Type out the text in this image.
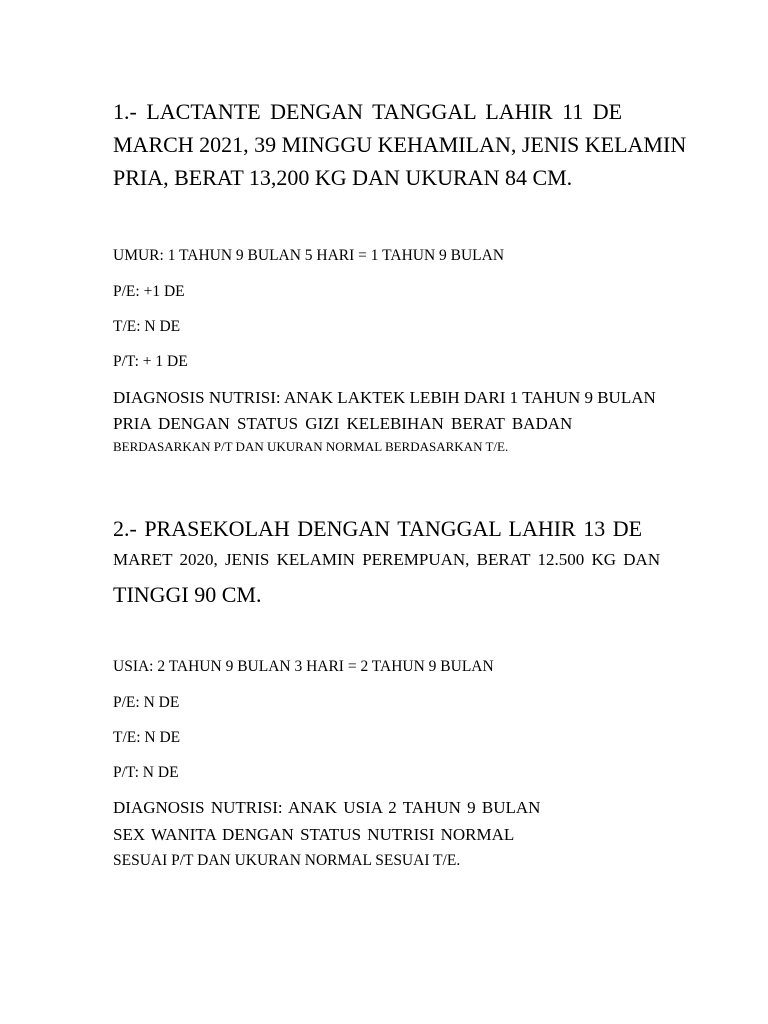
1.- LACTANTE DENGAN TANGGAL LAHIR 11 DE
MARCH 2021, 39 MINGGU KEHAMILAN, JENIS KELAMIN
PRIA, BERAT 13,200 KG DAN UKURAN 84 CM.
UMUR: 1 TAHUN 9 BULAN 5 HARI = 1 TAHUN 9 BULAN
P/E: +1 DE
T/E: N DE
P/T: + 1 DE
DIAGNOSIS NUTRISI: ANAK LAKTEK LEBIH DARI 1 TAHUN 9 BULAN
PRIA DENGAN STATUS GIZI KELEBIHAN BERAT BADAN
BERDASARKAN P/T DAN UKURAN NORMAL BERDASARKAN T/E.
2.- PRASEKOLAH DENGAN TANGGAL LAHIR 13 DE
MARET 2020, JENIS KELAMIN PEREMPUAN, BERAT 12.500 KG DAN
TINGGI 90 CM.
USIA: 2 TAHUN 9 BULAN 3 HARI = 2 TAHUN 9 BULAN
P/E: N DE
T/E: N DE
P/T: N DE
DIAGNOSIS NUTRISI: ANAK USIA 2 TAHUN 9 BULAN
SEX WANITA DENGAN STATUS NUTRISI NORMAL
SESUAI P/T DAN UKURAN NORMAL SESUAI T/E.
